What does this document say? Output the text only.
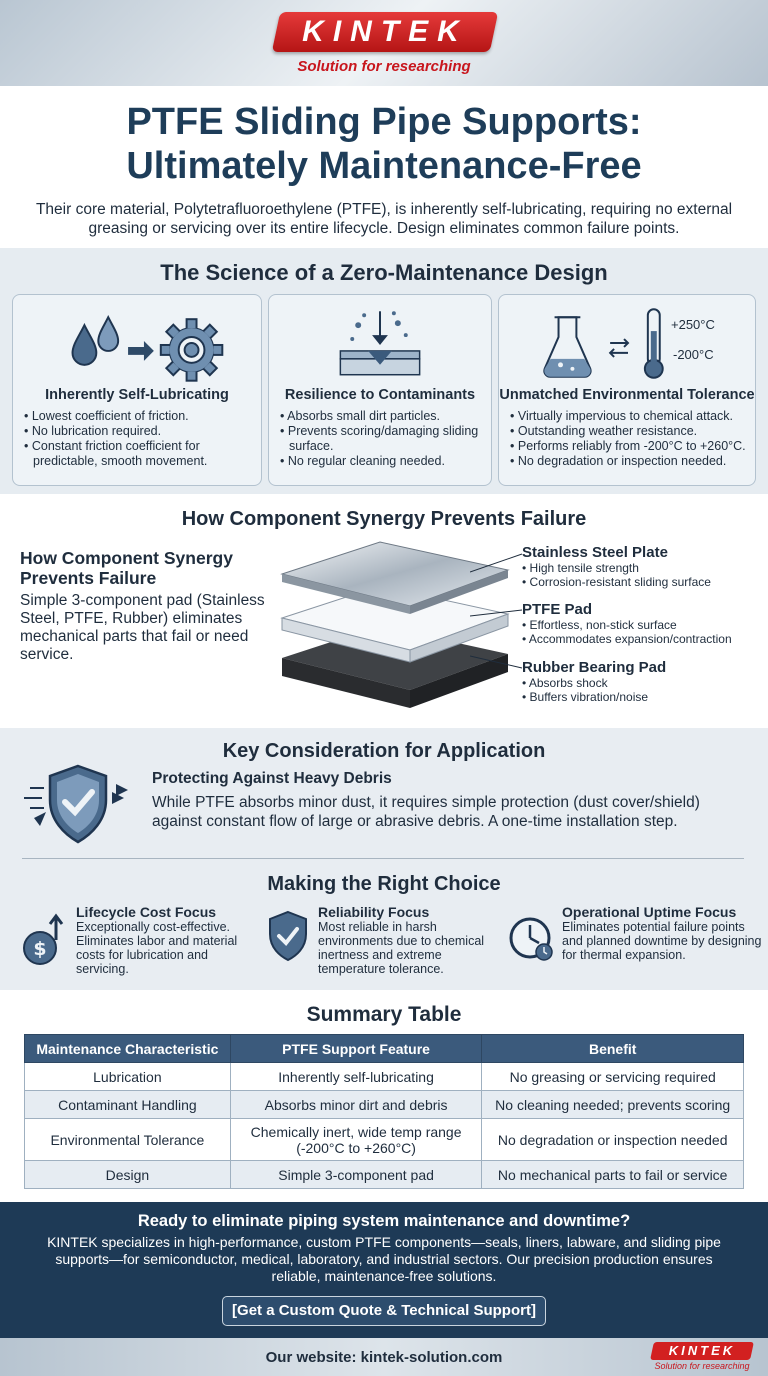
KINTEK
Solution for researching
PTFE Sliding Pipe Supports:
Ultimately Maintenance-Free
Their core material, Polytetrafluoroethylene (PTFE), is inherently self-lubricating, requiring no external greasing or servicing over its entire lifecycle. Design eliminates common failure points.
The Science of a Zero-Maintenance Design
Inherently Self-Lubricating
• Lowest coefficient of friction.
• No lubrication required.
• Constant friction coefficient for predictable, smooth movement.
Resilience to Contaminants
• Absorbs small dirt particles.
• Prevents scoring/damaging sliding surface.
• No regular cleaning needed.
+250°C
-200°C
Unmatched Environmental Tolerance
• Virtually impervious to chemical attack.
• Outstanding weather resistance.
• Performs reliably from -200°C to +260°C.
• No degradation or inspection needed.
How Component Synergy Prevents Failure
How Component Synergy Prevents Failure
Simple 3-component pad (Stainless Steel, PTFE, Rubber) eliminates mechanical parts that fail or need service.
Stainless Steel Plate
• High tensile strength
• Corrosion-resistant sliding surface
PTFE Pad
• Effortless, non-stick surface
• Accommodates expansion/contraction
Rubber Bearing Pad
• Absorbs shock
• Buffers vibration/noise
Key Consideration for Application
Protecting Against Heavy Debris
While PTFE absorbs minor dust, it requires simple protection (dust cover/shield) against constant flow of large or abrasive debris. A one-time installation step.
Making the Right Choice
$
Lifecycle Cost Focus
Exceptionally cost-effective. Eliminates labor and material costs for lubrication and servicing.
Reliability Focus
Most reliable in harsh environments due to chemical inertness and extreme temperature tolerance.
Operational Uptime Focus
Eliminates potential failure points and planned downtime by designing for thermal expansion.
Summary Table
Maintenance Characteristic	PTFE Support Feature	Benefit
Lubrication	Inherently self-lubricating	No greasing or servicing required
Contaminant Handling	Absorbs minor dirt and debris	No cleaning needed; prevents scoring
Environmental Tolerance	Chemically inert, wide temp range (-200°C to +260°C)	No degradation or inspection needed
Design	Simple 3-component pad	No mechanical parts to fail or service
Ready to eliminate piping system maintenance and downtime?
KINTEK specializes in high-performance, custom PTFE components—seals, liners, labware, and sliding pipe supports—for semiconductor, medical, laboratory, and industrial sectors. Our precision production ensures reliable, maintenance-free solutions.
[Get a Custom Quote & Technical Support]
Our website: kintek-solution.com	KINTEK
Solution for researching
